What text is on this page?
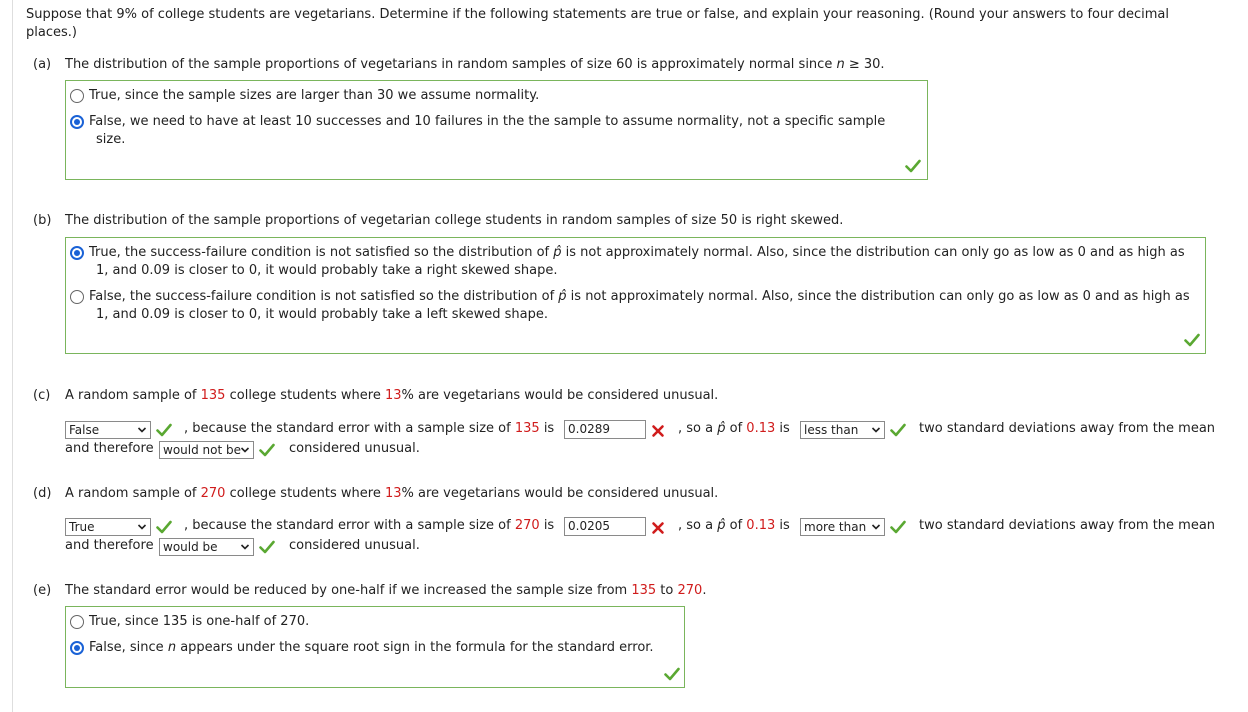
Suppose that 9% of college students are vegetarians. Determine if the following statements are true or false, and explain your reasoning. (Round your answers to four decimal
places.)
(a) The distribution of the sample proportions of vegetarians in random samples of size 60 is approximately normal since n ≥ 30.
True, since the sample sizes are larger than 30 we assume normality.
False, we need to have at least 10 successes and 10 failures in the the sample to assume normality, not a specific sample
size.
(b) The distribution of the sample proportions of vegetarian college students in random samples of size 50 is right skewed.
True, the success-failure condition is not satisfied so the distribution of p̂ is not approximately normal. Also, since the distribution can only go as low as 0 and as high as
1, and 0.09 is closer to 0, it would probably take a right skewed shape.
False, the success-failure condition is not satisfied so the distribution of p̂ is not approximately normal. Also, since the distribution can only go as low as 0 and as high as
1, and 0.09 is closer to 0, it would probably take a left skewed shape.
(c) A random sample of 135 college students where 13% are vegetarians would be considered unusual.
False	, because the standard error with a sample size of 135 is	0.0289	, so a p̂ of 0.13 is	less than	two standard deviations away from the mean
and therefore would not be	considered unusual.
(d) A random sample of 270 college students where 13% are vegetarians would be considered unusual.
True	, because the standard error with a sample size of 270 is	0.0205	, so a p̂ of 0.13 is	more than	two standard deviations away from the mean
and therefore would be	considered unusual.
(e) The standard error would be reduced by one-half if we increased the sample size from 135 to 270.
True, since 135 is one-half of 270.
False, since n appears under the square root sign in the formula for the standard error.
